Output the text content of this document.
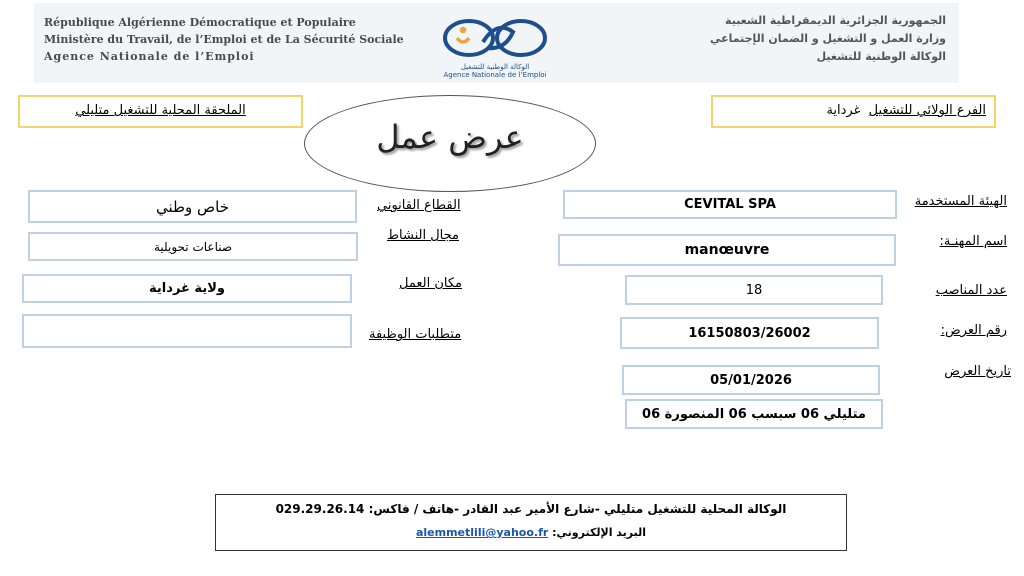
République Algérienne Démocratique et Populaire
Ministère du Travail, de l’Emploi et de La Sécurité Sociale
Agence Nationale de l’Emploi
الجمهورية الجزائرية الديمقراطية الشعبية
وزارة العمل و التشغيل و الضمان الإجتماعي
الوكالة الوطنية للتشغيل
الوكالة الوطنية للتشغيل
Agence Nationale de l’Emploi
الملحقة المحلية للتشغيل متليلي	الفرع الولائي للتشغيل  غرداية
عرض عمل
الهيئة المستخدمة
اسم المهنـة:
عدد المناصب
رقم العرض:
تاريخ العرض
CEVITAL SPA
manœuvre
18
16150803/26002
05/01/2026
متليلي 06 سبسب 06 المنصورة 06
القطاع القانوني
مجال النشاط
مكان العمل
متطلبات الوظيفة
خاص وطني
صناعات تحويلية
ولاية غرداية
الوكالة المحلية للتشغيل متليلي -شارع الأمير عبد القادر -هاتف / فاكس: 029.29.26.14
البريد الإلكتروني: alemmetlili@yahoo.fr
